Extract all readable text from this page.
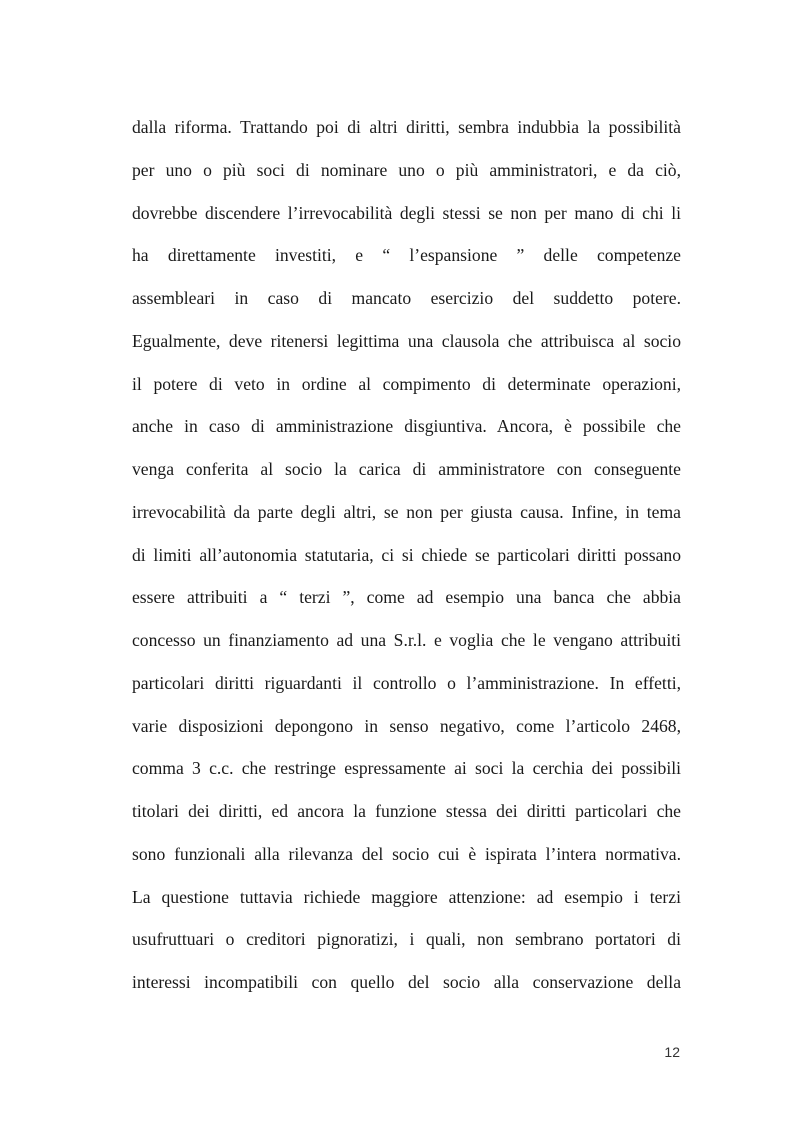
dalla riforma. Trattando poi di altri diritti, sembra indubbia la possibilità
per uno o più soci di nominare uno o più amministratori, e da ciò,
dovrebbe discendere l’irrevocabilità degli stessi se non per mano di chi li
ha direttamente investiti, e “ l’espansione ” delle competenze
assembleari in caso di mancato esercizio del suddetto potere.
Egualmente, deve ritenersi legittima una clausola che attribuisca al socio
il potere di veto in ordine al compimento di determinate operazioni,
anche in caso di amministrazione disgiuntiva. Ancora, è possibile che
venga conferita al socio la carica di amministratore con conseguente
irrevocabilità da parte degli altri, se non per giusta causa. Infine, in tema
di limiti all’autonomia statutaria, ci si chiede se particolari diritti possano
essere attribuiti a “ terzi ”, come ad esempio una banca che abbia
concesso un finanziamento ad una S.r.l. e voglia che le vengano attribuiti
particolari diritti riguardanti il controllo o l’amministrazione. In effetti,
varie disposizioni depongono in senso negativo, come l’articolo 2468,
comma 3 c.c. che restringe espressamente ai soci la cerchia dei possibili
titolari dei diritti, ed ancora la funzione stessa dei diritti particolari che
sono funzionali alla rilevanza del socio cui è ispirata l’intera normativa.
La questione tuttavia richiede maggiore attenzione: ad esempio i terzi
usufruttuari o creditori pignoratizi, i quali, non sembrano portatori di
interessi incompatibili con quello del socio alla conservazione della
12
